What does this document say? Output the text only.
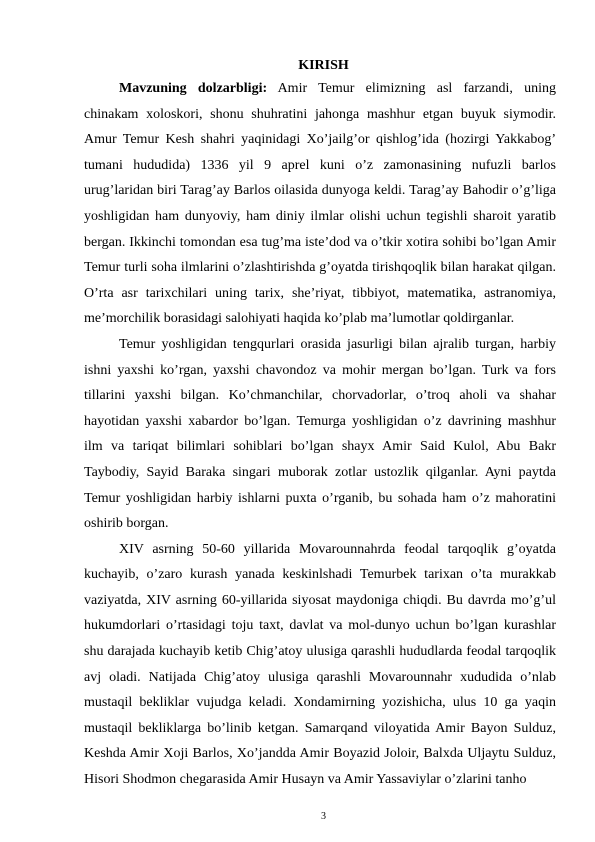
KIRISH

Mavzuning dolzarbligi: Amir Temur elimizning asl farzandi, uning chinakam xoloskori, shonu shuhratini jahonga mashhur etgan buyuk siymodir. Amur Temur Kesh shahri yaqinidagi Xo’jailg’or qishlog’ida (hozirgi Yakkabog’ tumani hududida) 1336 yil 9 aprel kuni o’z zamonasining nufuzli barlos urug’laridan biri Tarag’ay Barlos oilasida dunyoga keldi. Tarag’ay Bahodir o’g’liga yoshligidan ham dunyoviy, ham diniy ilmlar olishi uchun tegishli sharoit yaratib bergan. Ikkinchi tomondan esa tug’ma iste’dod va o’tkir xotira sohibi bo’lgan Amir Temur turli soha ilmlarini o’zlashtirishda g’oyatda tirishqoqlik bilan harakat qilgan. O’rta asr tarixchilari uning tarix, she’riyat, tibbiyot, matematika, astranomiya, me’morchilik borasidagi salohiyati haqida ko’plab ma’lumotlar qoldirganlar.

Temur yoshligidan tengqurlari orasida jasurligi bilan ajralib turgan, harbiy ishni yaxshi ko’rgan, yaxshi chavondoz va mohir mergan bo’lgan. Turk va fors tillarini yaxshi bilgan. Ko’chmanchilar, chorvadorlar, o’troq aholi va shahar hayotidan yaxshi xabardor bo’lgan. Temurga yoshligidan o’z davrining mashhur ilm va tariqat bilimlari sohiblari bo’lgan shayx Amir Said Kulol, Abu Bakr Taybodiy, Sayid Baraka singari muborak zotlar ustozlik qilganlar. Ayni paytda Temur yoshligidan harbiy ishlarni puxta o’rganib, bu sohada ham o’z mahoratini oshirib borgan.

XIV asrning 50-60 yillarida Movarounnahrda feodal tarqoqlik g’oyatda kuchayib, o’zaro kurash yanada keskinlshadi Temurbek tarixan o’ta murakkab vaziyatda, XIV asrning 60-yillarida siyosat maydoniga chiqdi. Bu davrda mo’g’ul hukumdorlari o’rtasidagi toju taxt, davlat va mol-dunyo uchun bo’lgan kurashlar shu darajada kuchayib ketib Chig’atoy ulusiga qarashli hududlarda feodal tarqoqlik avj oladi. Natijada Chig’atoy ulusiga qarashli Movarounnahr xududida o’nlab mustaqil bekliklar vujudga keladi. Xondamirning yozishicha, ulus 10 ga yaqin mustaqil bekliklarga bo’linib ketgan. Samarqand viloyatida Amir Bayon Sulduz, Keshda Amir Xoji Barlos, Xo’jandda Amir Boyazid Joloir, Balxda Uljaytu Sulduz, Hisori Shodmon chegarasida Amir Husayn va Amir Yassaviylar o’zlarini tanho

3
